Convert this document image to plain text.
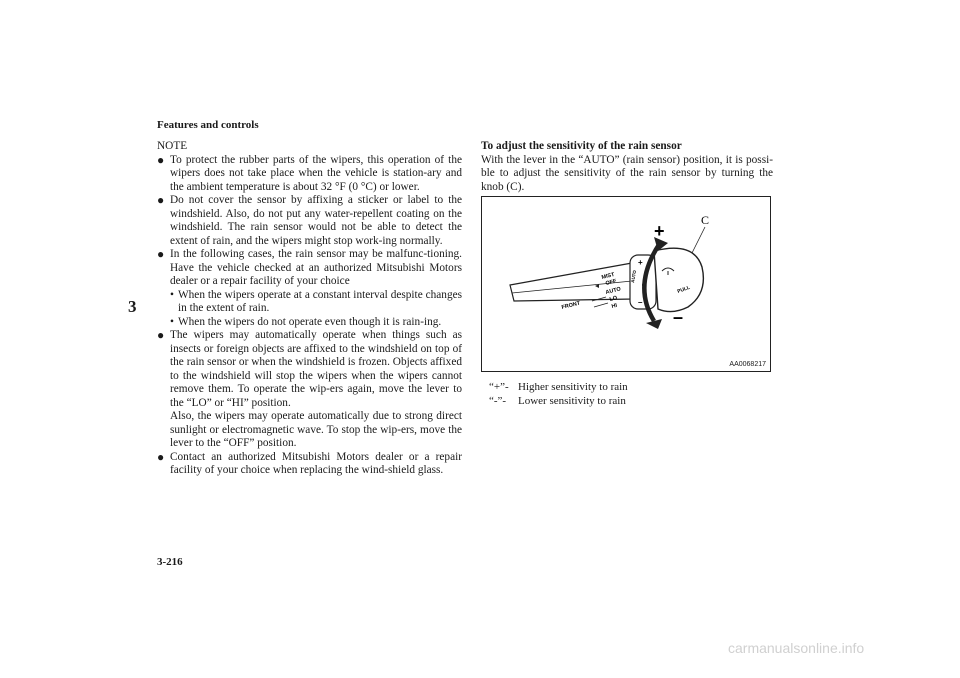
Features and controls
3

NOTE

● To protect the rubber parts of the wipers, this operation of the wipers does not take place when the vehicle is station-ary and the ambient temperature is about 32 °F (0 °C) or lower.

● Do not cover the sensor by affixing a sticker or label to the windshield. Also, do not put any water-repellent coating on the windshield. The rain sensor would not be able to detect the extent of rain, and the wipers might stop work-ing normally.

● In the following cases, the rain sensor may be malfunc-tioning. Have the vehicle checked at an authorized Mitsubishi Motors dealer or a repair facility of your choice

• When the wipers operate at a constant interval despite changes in the extent of rain.
• When the wipers do not operate even though it is rain-ing.

● The wipers may automatically operate when things such as insects or foreign objects are affixed to the windshield on top of the rain sensor or when the windshield is frozen. Objects affixed to the windshield will stop the wipers when the wipers cannot remove them. To operate the wip-ers again, move the lever to the “LO” or “HI” position.

Also, the wipers may operate automatically due to strong direct sunlight or electromagnetic wave. To stop the wip-ers, move the lever to the “OFF” position.

● Contact an authorized Mitsubishi Motors dealer or a repair facility of your choice when replacing the wind-shield glass.

To adjust the sensitivity of the rain sensor

With the lever in the “AUTO” (rain sensor) position, it is possi-ble to adjust the sensitivity of the rain sensor by turning the knob (C).

MIST
OFF
AUTO
LO
HI
FRONT
AUTO
PULL
+
–
+
–
C
AA0068217
“+”- Higher sensitivity to rain
“-”-	Lower sensitivity to rain
3-216
carmanualsonline.info
